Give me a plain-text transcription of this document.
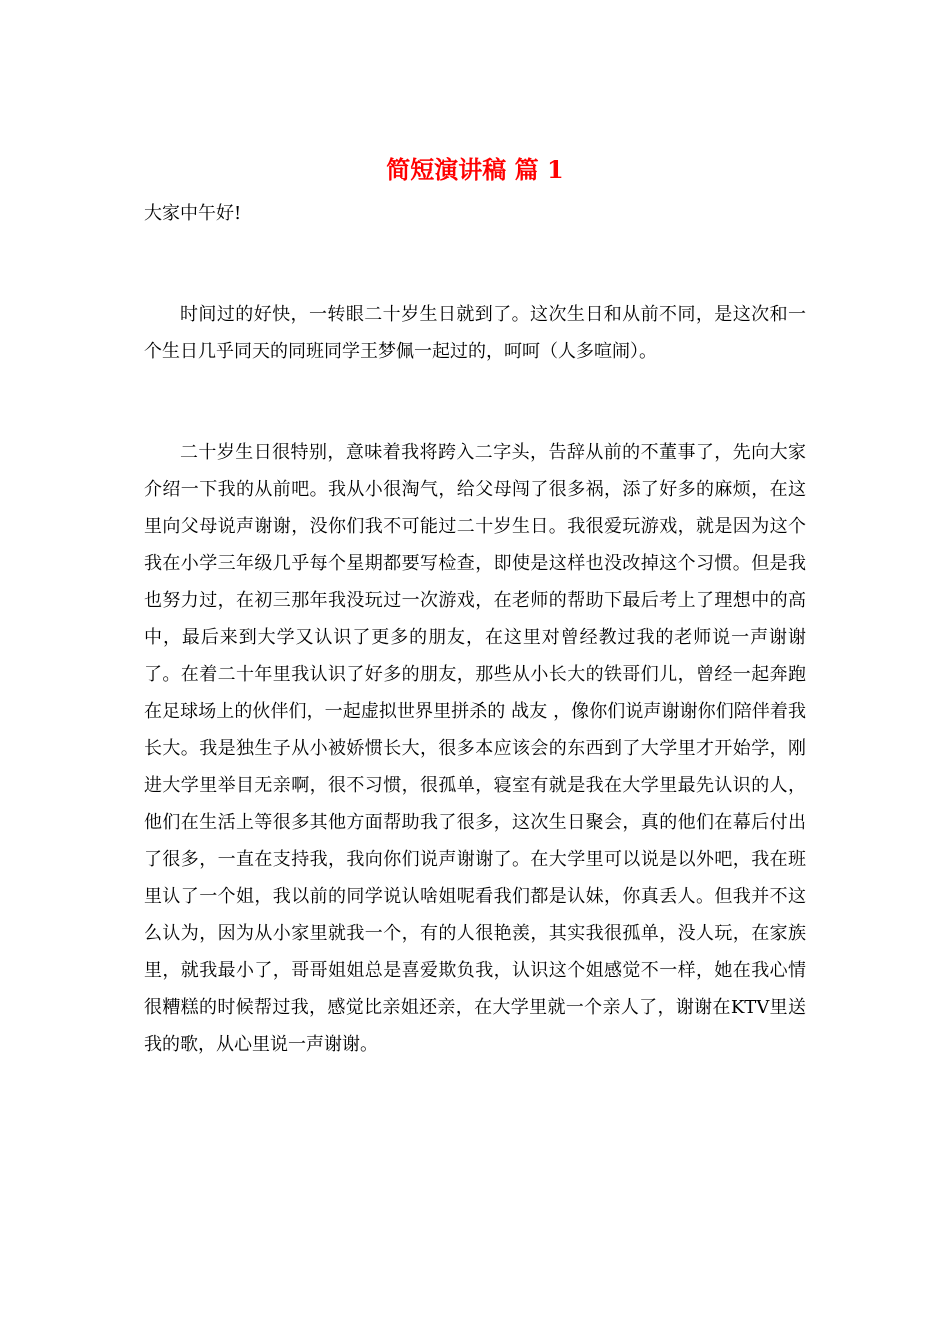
简短演讲稿 篇 1
大家中午好!

时间过的好快，一转眼二十岁生日就到了。这次生日和从前不同，是这次和一个生日几乎同天的同班同学王梦佩一起过的，呵呵（人多喧闹）。

二十岁生日很特别，意味着我将跨入二字头，告辞从前的不董事了，先向大家介绍一下我的从前吧。我从小很淘气，给父母闯了很多祸，添了好多的麻烦，在这里向父母说声谢谢，没你们我不可能过二十岁生日。我很爱玩游戏，就是因为这个我在小学三年级几乎每个星期都要写检查，即使是这样也没改掉这个习惯。但是我也努力过，在初三那年我没玩过一次游戏，在老师的帮助下最后考上了理想中的高中，最后来到大学又认识了更多的朋友，在这里对曾经教过我的老师说一声谢谢了。在着二十年里我认识了好多的朋友，那些从小长大的铁哥们儿，曾经一起奔跑在足球场上的伙伴们，一起虚拟世界里拼杀的 战友 ，像你们说声谢谢你们陪伴着我长大。我是独生子从小被娇惯长大，很多本应该会的东西到了大学里才开始学，刚进大学里举目无亲啊，很不习惯，很孤单，寝室有就是我在大学里最先认识的人，他们在生活上等很多其他方面帮助我了很多，这次生日聚会，真的他们在幕后付出了很多，一直在支持我，我向你们说声谢谢了。在大学里可以说是以外吧，我在班里认了一个姐，我以前的同学说认啥姐呢看我们都是认妹，你真丢人。但我并不这么认为，因为从小家里就我一个，有的人很艳羡，其实我很孤单，没人玩，在家族里，就我最小了，哥哥姐姐总是喜爱欺负我，认识这个姐感觉不一样，她在我心情很糟糕的时候帮过我，感觉比亲姐还亲，在大学里就一个亲人了，谢谢在KTV里送我的歌，从心里说一声谢谢。
